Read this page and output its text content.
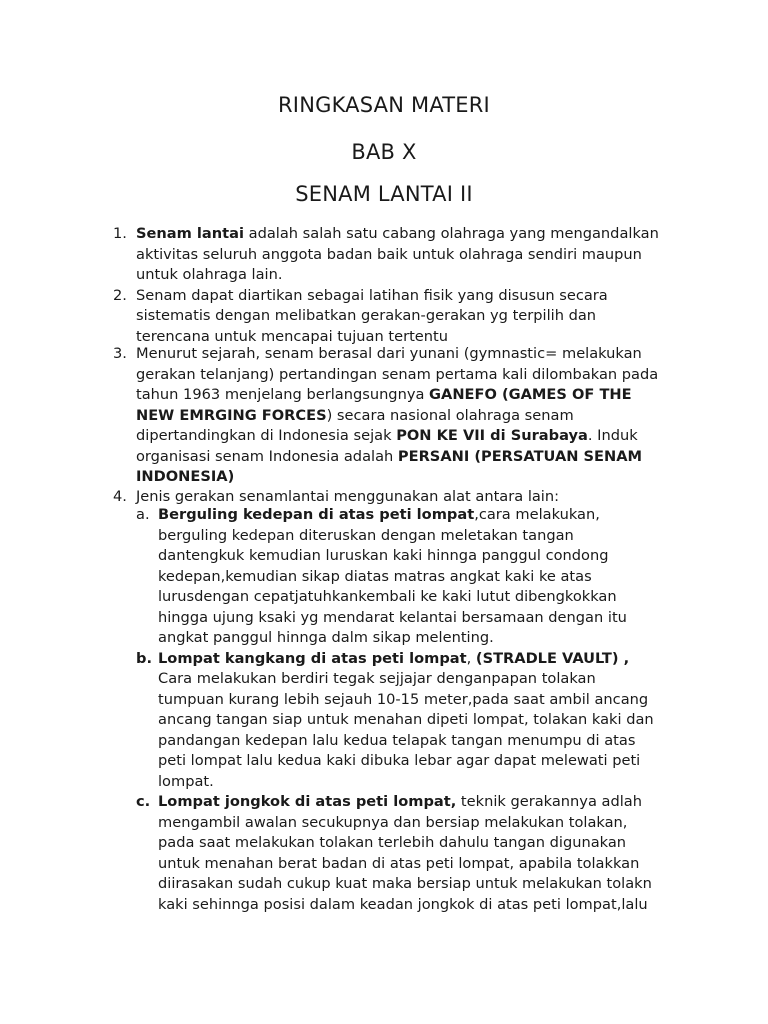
RINGKASAN MATERI
BAB X
SENAM LANTAI II
1. Senam lantai adalah salah satu cabang olahraga yang mengandalkan
aktivitas seluruh anggota badan baik untuk olahraga sendiri maupun
untuk olahraga lain.
2. Senam dapat diartikan sebagai latihan fisik yang disusun secara
sistematis dengan melibatkan gerakan-gerakan yg terpilih dan
terencana untuk mencapai tujuan tertentu
3. Menurut sejarah, senam berasal dari yunani (gymnastic= melakukan
gerakan telanjang) pertandingan senam pertama kali dilombakan pada
tahun 1963 menjelang berlangsungnya GANEFO (GAMES OF THE
NEW EMRGING FORCES) secara nasional olahraga senam
dipertandingkan di Indonesia sejak PON KE VII di Surabaya. Induk
organisasi senam Indonesia adalah PERSANI (PERSATUAN SENAM
INDONESIA)
4. Jenis gerakan senamlantai menggunakan alat antara lain:
a. Berguling kedepan di atas peti lompat,cara melakukan,
berguling kedepan diteruskan dengan meletakan tangan
dantengkuk kemudian luruskan kaki hinnga panggul condong
kedepan,kemudian sikap diatas matras angkat kaki ke atas
lurusdengan cepatjatuhkankembali ke kaki lutut dibengkokkan
hingga ujung ksaki yg mendarat kelantai bersamaan dengan itu
angkat panggul hinnga dalm sikap melenting.
b. Lompat kangkang di atas peti lompat, (STRADLE VAULT) ,
Cara melakukan berdiri tegak sejjajar denganpapan tolakan
tumpuan kurang lebih sejauh 10-15 meter,pada saat ambil ancang
ancang tangan siap untuk menahan dipeti lompat, tolakan kaki dan
pandangan kedepan lalu kedua telapak tangan menumpu di atas
peti lompat lalu kedua kaki dibuka lebar agar dapat melewati peti
lompat.
c. Lompat jongkok di atas peti lompat, teknik gerakannya adlah
mengambil awalan secukupnya dan bersiap melakukan tolakan,
pada saat melakukan tolakan terlebih dahulu tangan digunakan
untuk menahan berat badan di atas peti lompat, apabila tolakkan
diirasakan sudah cukup kuat maka bersiap untuk melakukan tolakn
kaki sehinnga posisi dalam keadan jongkok di atas peti lompat,lalu
